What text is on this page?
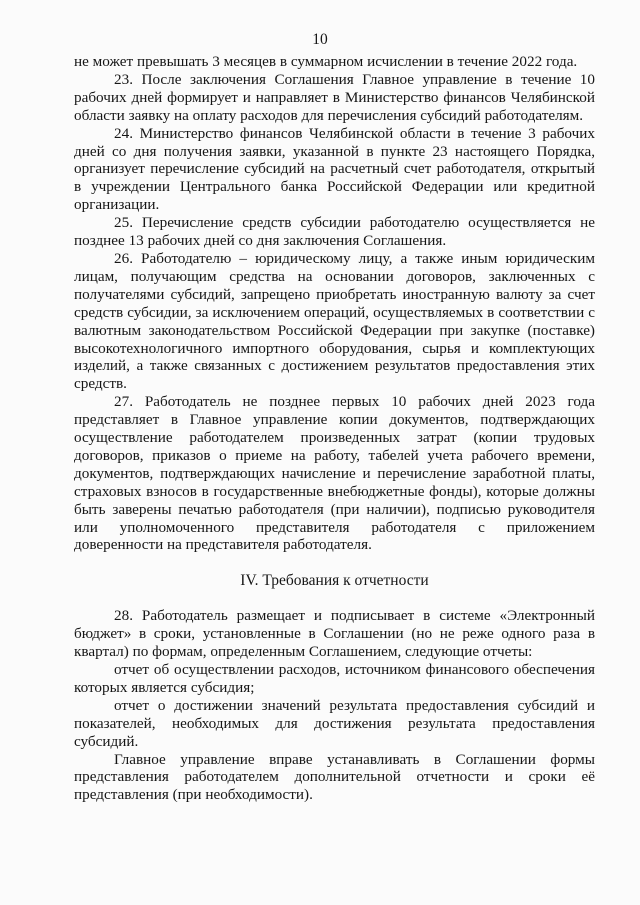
10

не может превышать 3 месяцев в суммарном исчислении в течение 2022 года.

23. После заключения Соглашения Главное управление в течение 10 рабочих дней формирует и направляет в Министерство финансов Челябинской области заявку на оплату расходов для перечисления субсидий работодателям.

24. Министерство финансов Челябинской области в течение 3 рабочих дней со дня получения заявки, указанной в пункте 23 настоящего Порядка, организует перечисление субсидий на расчетный счет работодателя, открытый в учреждении Центрального банка Российской Федерации или кредитной организации.

25. Перечисление средств субсидии работодателю осуществляется не позднее 13 рабочих дней со дня заключения Соглашения.

26. Работодателю – юридическому лицу, а также иным юридическим лицам, получающим средства на основании договоров, заключенных с получателями субсидий, запрещено приобретать иностранную валюту за счет средств субсидии, за исключением операций, осуществляемых в соответствии с валютным законодательством Российской Федерации при закупке (поставке) высокотехнологичного импортного оборудования, сырья и комплектующих изделий, а также связанных с достижением результатов предоставления этих средств.

27. Работодатель не позднее первых 10 рабочих дней 2023 года представляет в Главное управление копии документов, подтверждающих осуществление работодателем произведенных затрат (копии трудовых договоров, приказов о приеме на работу, табелей учета рабочего времени, документов, подтверждающих начисление и перечисление заработной платы, страховых взносов в государственные внебюджетные фонды), которые должны быть заверены печатью работодателя (при наличии), подписью руководителя или уполномоченного представителя работодателя с приложением доверенности на представителя работодателя.

IV. Требования к отчетности

28. Работодатель размещает и подписывает в системе «Электронный бюджет» в сроки, установленные в Соглашении (но не реже одного раза в квартал) по формам, определенным Соглашением, следующие отчеты:

отчет об осуществлении расходов, источником финансового обеспечения которых является субсидия;

отчет о достижении значений результата предоставления субсидий и показателей, необходимых для достижения результата предоставления субсидий.

Главное управление вправе устанавливать в Соглашении формы представления работодателем дополнительной отчетности и сроки её представления (при необходимости).
